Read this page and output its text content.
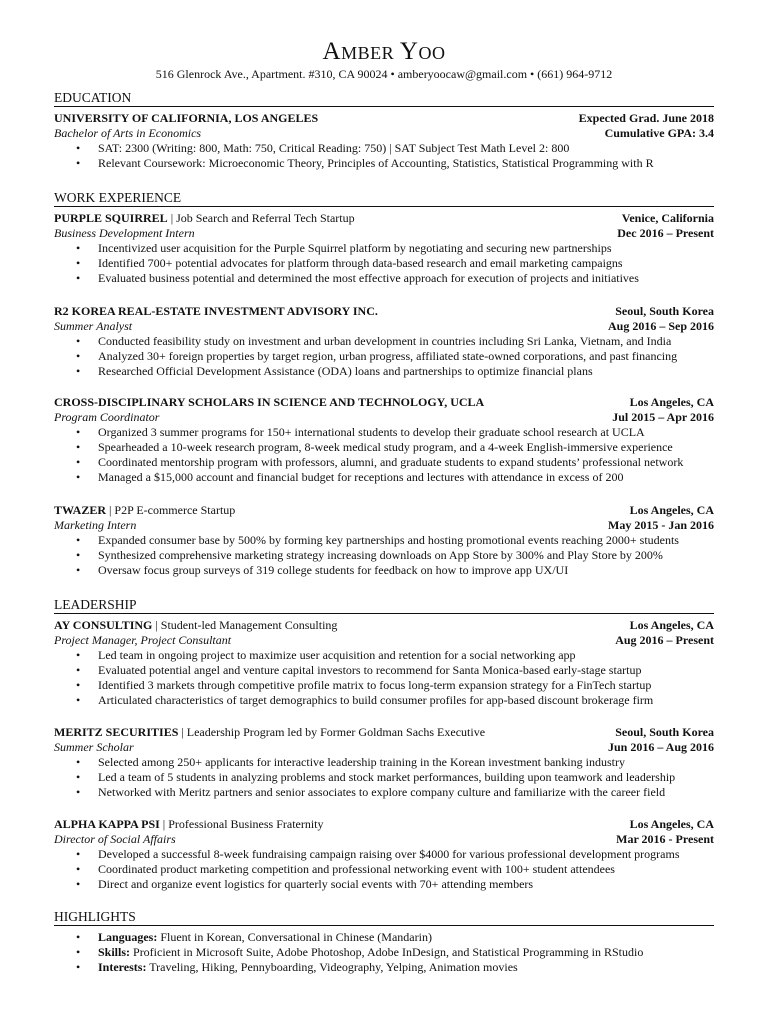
Amber Yoo
516 Glenrock Ave., Apartment. #310, CA 90024 • amberyoocaw@gmail.com • (661) 964-9712
EDUCATION
UNIVERSITY OF CALIFORNIA, LOS ANGELES	Expected Grad. June 2018
Bachelor of Arts in Economics	Cumulative GPA: 3.4
• SAT: 2300 (Writing: 800, Math: 750, Critical Reading: 750) | SAT Subject Test Math Level 2: 800
• Relevant Coursework: Microeconomic Theory, Principles of Accounting, Statistics, Statistical Programming with R
WORK EXPERIENCE
PURPLE SQUIRREL | Job Search and Referral Tech Startup	Venice, California
Business Development Intern	Dec 2016 – Present
• Incentivized user acquisition for the Purple Squirrel platform by negotiating and securing new partnerships
• Identified 700+ potential advocates for platform through data-based research and email marketing campaigns
• Evaluated business potential and determined the most effective approach for execution of projects and initiatives
R2 KOREA REAL-ESTATE INVESTMENT ADVISORY INC.	Seoul, South Korea
Summer Analyst	Aug 2016 – Sep 2016
• Conducted feasibility study on investment and urban development in countries including Sri Lanka, Vietnam, and India
• Analyzed 30+ foreign properties by target region, urban progress, affiliated state-owned corporations, and past financing
• Researched Official Development Assistance (ODA) loans and partnerships to optimize financial plans
CROSS-DISCIPLINARY SCHOLARS IN SCIENCE AND TECHNOLOGY, UCLA	Los Angeles, CA
Program Coordinator	Jul 2015 – Apr 2016
• Organized 3 summer programs for 150+ international students to develop their graduate school research at UCLA
• Spearheaded a 10-week research program, 8-week medical study program, and a 4-week English-immersive experience
• Coordinated mentorship program with professors, alumni, and graduate students to expand students’ professional network
• Managed a $15,000 account and financial budget for receptions and lectures with attendance in excess of 200
TWAZER | P2P E-commerce Startup	Los Angeles, CA
Marketing Intern	May 2015 - Jan 2016
• Expanded consumer base by 500% by forming key partnerships and hosting promotional events reaching 2000+ students
• Synthesized comprehensive marketing strategy increasing downloads on App Store by 300% and Play Store by 200%
• Oversaw focus group surveys of 319 college students for feedback on how to improve app UX/UI
LEADERSHIP
AY CONSULTING | Student-led Management Consulting	Los Angeles, CA
Project Manager, Project Consultant	Aug 2016 – Present
• Led team in ongoing project to maximize user acquisition and retention for a social networking app
• Evaluated potential angel and venture capital investors to recommend for Santa Monica-based early-stage startup
• Identified 3 markets through competitive profile matrix to focus long-term expansion strategy for a FinTech startup
• Articulated characteristics of target demographics to build consumer profiles for app-based discount brokerage firm
MERITZ SECURITIES | Leadership Program led by Former Goldman Sachs Executive	Seoul, South Korea
Summer Scholar	Jun 2016 – Aug 2016
• Selected among 250+ applicants for interactive leadership training in the Korean investment banking industry
• Led a team of 5 students in analyzing problems and stock market performances, building upon teamwork and leadership
• Networked with Meritz partners and senior associates to explore company culture and familiarize with the career field
ALPHA KAPPA PSI | Professional Business Fraternity	Los Angeles, CA
Director of Social Affairs	Mar 2016 - Present
• Developed a successful 8-week fundraising campaign raising over $4000 for various professional development programs
• Coordinated product marketing competition and professional networking event with 100+ student attendees
• Direct and organize event logistics for quarterly social events with 70+ attending members
HIGHLIGHTS
• Languages: Fluent in Korean, Conversational in Chinese (Mandarin)
• Skills: Proficient in Microsoft Suite, Adobe Photoshop, Adobe InDesign, and Statistical Programming in RStudio
• Interests: Traveling, Hiking, Pennyboarding, Videography, Yelping, Animation movies
